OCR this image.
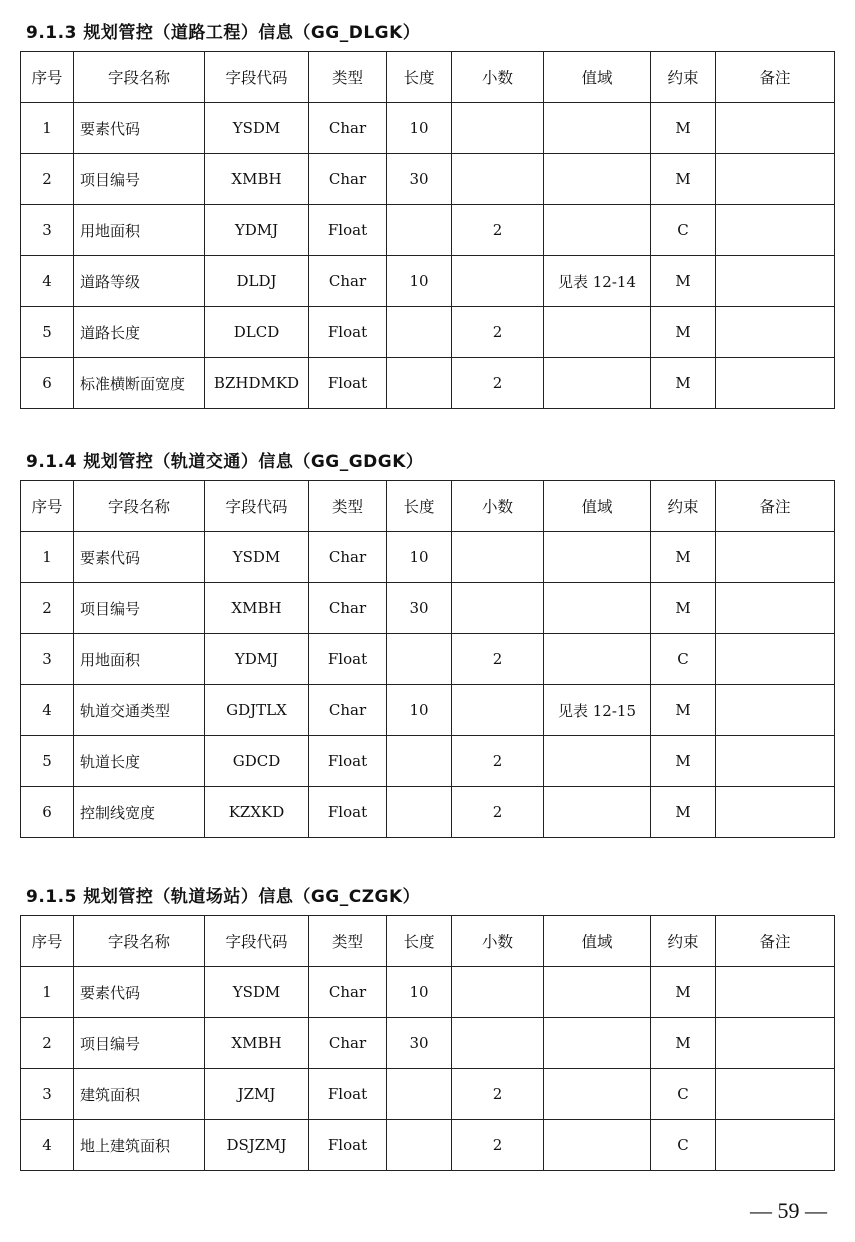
9.1.3 规划管控（道路工程）信息（GG_DLGK）
序号	字段名称	字段代码	类型	长度	小数	值域	约束	备注
1	要素代码	YSDM	Char	10			M	
2	项目编号	XMBH	Char	30			M	
3	用地面积	YDMJ	Float		2		C	
4	道路等级	DLDJ	Char	10		见表 12-14	M	
5	道路长度	DLCD	Float		2		M	
6	标准横断面宽度	BZHDMKD	Float		2		M	
9.1.4 规划管控（轨道交通）信息（GG_GDGK）
序号	字段名称	字段代码	类型	长度	小数	值域	约束	备注
1	要素代码	YSDM	Char	10			M	
2	项目编号	XMBH	Char	30			M	
3	用地面积	YDMJ	Float		2		C	
4	轨道交通类型	GDJTLX	Char	10		见表 12-15	M	
5	轨道长度	GDCD	Float		2		M	
6	控制线宽度	KZXKD	Float		2		M	
9.1.5 规划管控（轨道场站）信息（GG_CZGK）
序号	字段名称	字段代码	类型	长度	小数	值域	约束	备注
1	要素代码	YSDM	Char	10			M	
2	项目编号	XMBH	Char	30			M	
3	建筑面积	JZMJ	Float		2		C	
4	地上建筑面积	DSJZMJ	Float		2		C	
— 59 —
